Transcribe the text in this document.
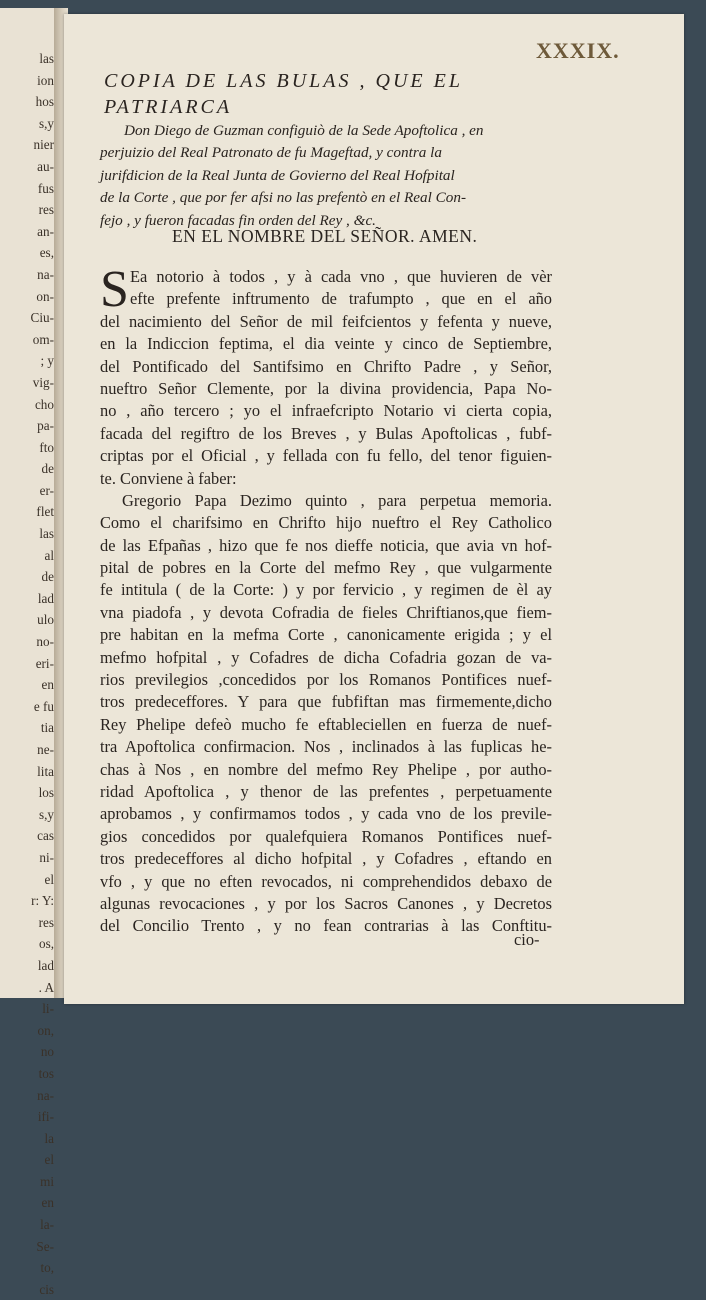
las
ion
hos
s,y
nier
au-
fus
res
an-
es,
na-
on-
Ciu-
om-
; y
vig-
cho
pa-
fto
de
er-
flet
las
al
de
lad
ulo
no-
eri-
en
e fu
tia
ne-
lita
los
s,y
cas
ni-
el
r: Y:
res
os,
lad
. A
li-
on,
no
tos
na-
ifi-
la
el
mi
en
la-
Se-
to,
cis
XXXIX.
COPIA DE LAS BULAS , QUE EL PATRIARCA
Don Diego de Guzman configuiò de la Sede Apoftolica , en
perjuizio del Real Patronato de fu Mageftad, y contra la
jurifdicion de la Real Junta de Govierno del Real Hofpital
de la Corte , que por fer afsi no las prefentò en el Real Con-
fejo , y fueron facadas fin orden del Rey , &c.
EN EL NOMBRE DEL SEÑOR. AMEN.
S Ea notorio à todos , y à cada vno , que huvieren de vèr
efte prefente inftrumento de trafumpto , que en el año
del nacimiento del Señor de mil feifcientos y fefenta y nueve,
en la Indiccion feptima, el dia veinte y cinco de Septiembre,
del Pontificado del Santifsimo en Chrifto Padre , y Señor,
nueftro Señor Clemente, por la divina providencia, Papa No-
no , año tercero ; yo el infraefcripto Notario vi cierta copia,
facada del regiftro de los Breves , y Bulas Apoftolicas , fubf-
criptas por el Oficial , y fellada con fu fello, del tenor figuien-
te. Conviene à faber:
Gregorio Papa Dezimo quinto , para perpetua memoria.
Como el charifsimo en Chrifto hijo nueftro el Rey Catholico
de las Efpañas , hizo que fe nos dieffe noticia, que avia vn hof-
pital de pobres en la Corte del mefmo Rey , que vulgarmente
fe intitula ( de la Corte: ) y por fervicio , y regimen de èl ay
vna piadofa , y devota Cofradia de fieles Chriftianos,que fiem-
pre habitan en la mefma Corte , canonicamente erigida ; y el
mefmo hofpital , y Cofadres de dicha Cofadria gozan de va-
rios previlegios ,concedidos por los Romanos Pontifices nuef-
tros predeceffores. Y para que fubfiftan mas firmemente,dicho
Rey Phelipe defeò mucho fe eftableciellen en fuerza de nuef-
tra Apoftolica confirmacion. Nos , inclinados à las fuplicas he-
chas à Nos , en nombre del mefmo Rey Phelipe , por autho-
ridad Apoftolica , y thenor de las prefentes , perpetuamente
aprobamos , y confirmamos todos , y cada vno de los previle-
gios concedidos por qualefquiera Romanos Pontifices nuef-
tros predeceffores al dicho hofpital , y Cofadres , eftando en
vfo , y que no eften revocados, ni comprehendidos debaxo de
algunas revocaciones , y por los Sacros Canones , y Decretos
del Concilio Trento , y no fean contrarias à las Conftitu-
cio-
